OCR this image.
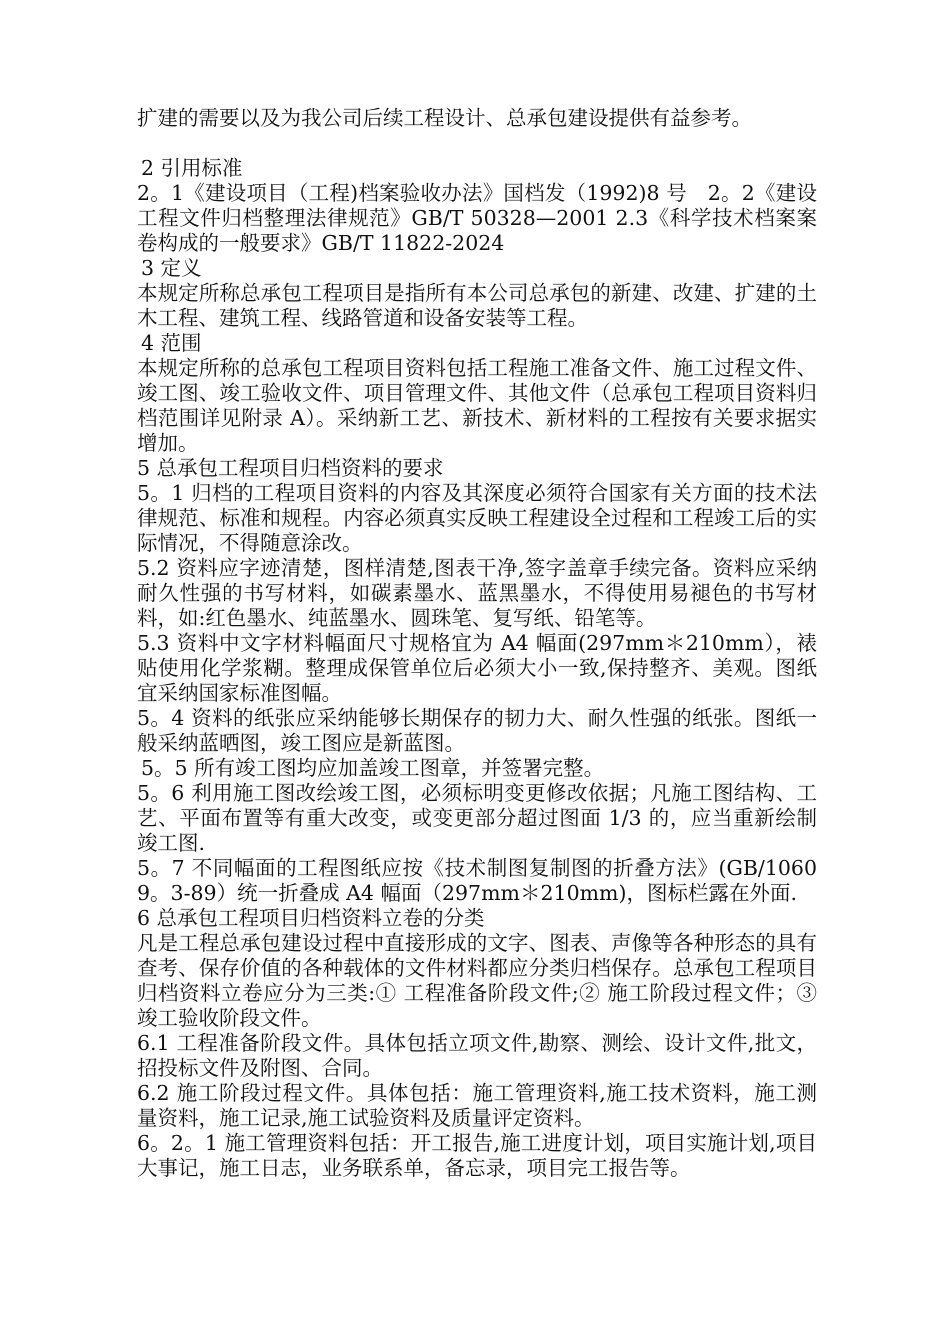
扩建的需要以及为我公司后续工程设计、总承包建设提供有益参考。

2 引用标准

2。1《建设项目（工程)档案验收办法》国档发（1992)8 号　2。2《建设工程文件归档整理法律规范》GB/T 50328—2001 2.3《科学技术档案案卷构成的一般要求》GB/T 11822-2024

3 定义

本规定所称总承包工程项目是指所有本公司总承包的新建、改建、扩建的土木工程、建筑工程、线路管道和设备安装等工程。

4 范围

本规定所称的总承包工程项目资料包括工程施工准备文件、施工过程文件、竣工图、竣工验收文件、项目管理文件、其他文件（总承包工程项目资料归档范围详见附录 A）。采纳新工艺、新技术、新材料的工程按有关要求据实增加。

5 总承包工程项目归档资料的要求

5。1 归档的工程项目资料的内容及其深度必须符合国家有关方面的技术法律规范、标准和规程。内容必须真实反映工程建设全过程和工程竣工后的实际情况，不得随意涂改。

5.2 资料应字迹清楚，图样清楚,图表干净,签字盖章手续完备。资料应采纳耐久性强的书写材料，如碳素墨水、蓝黑墨水，不得使用易褪色的书写材料，如:红色墨水、纯蓝墨水、圆珠笔、复写纸、铅笔等。

5.3 资料中文字材料幅面尺寸规格宜为 A4 幅面(297mm＊210mm），裱贴使用化学浆糊。整理成保管单位后必须大小一致,保持整齐、美观。图纸宜采纳国家标准图幅。

5。4 资料的纸张应采纳能够长期保存的韧力大、耐久性强的纸张。图纸一般采纳蓝晒图，竣工图应是新蓝图。

5。5 所有竣工图均应加盖竣工图章，并签署完整。

5。6 利用施工图改绘竣工图，必须标明变更修改依据；凡施工图结构、工艺、平面布置等有重大改变，或变更部分超过图面 1/3 的，应当重新绘制竣工图.

5。7 不同幅面的工程图纸应按《技术制图复制图的折叠方法》(GB/10609。3-89）统一折叠成 A4 幅面（297mm＊210mm)，图标栏露在外面.

6 总承包工程项目归档资料立卷的分类

凡是工程总承包建设过程中直接形成的文字、图表、声像等各种形态的具有查考、保存价值的各种载体的文件材料都应分类归档保存。总承包工程项目归档资料立卷应分为三类:① 工程准备阶段文件;② 施工阶段过程文件；③竣工验收阶段文件。

6.1 工程准备阶段文件。具体包括立项文件,勘察、测绘、设计文件,批文，招投标文件及附图、合同。

6.2 施工阶段过程文件。具体包括：施工管理资料,施工技术资料，施工测量资料，施工记录,施工试验资料及质量评定资料。

6。2。1 施工管理资料包括：开工报告,施工进度计划，项目实施计划,项目大事记，施工日志，业务联系单，备忘录，项目完工报告等。
